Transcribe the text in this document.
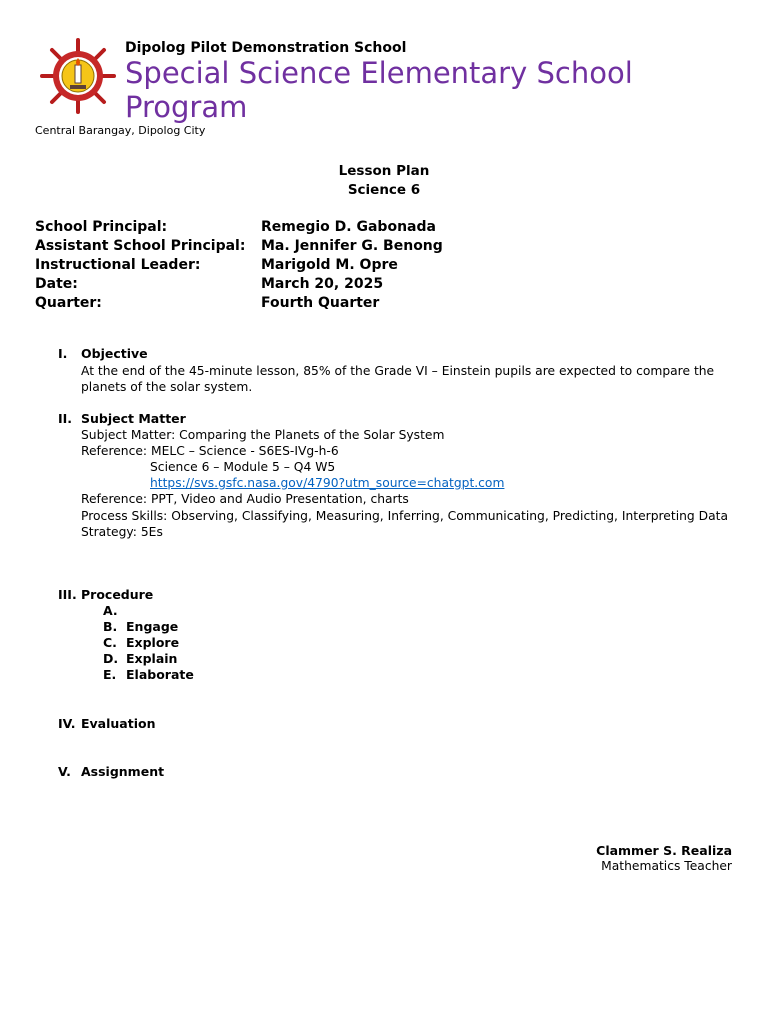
Dipolog Pilot Demonstration School
Special Science Elementary School Program
Central Barangay, Dipolog City
Lesson Plan
Science 6
School Principal:	Remegio D. Gabonada
Assistant School Principal:	Ma. Jennifer G. Benong
Instructional Leader:	Marigold M. Opre
Date:	March 20, 2025
Quarter:	Fourth Quarter
I. Objective
At the end of the 45-minute lesson, 85% of the Grade VI – Einstein pupils are expected to compare the
planets of the solar system.
II. Subject Matter
Subject Matter: Comparing the Planets of the Solar System
Reference: MELC – Science - S6ES-IVg-h-6
Science 6 – Module 5 – Q4 W5
https://svs.gsfc.nasa.gov/4790?utm_source=chatgpt.com
Reference: PPT, Video and Audio Presentation, charts
Process Skills: Observing, Classifying, Measuring, Inferring, Communicating, Predicting, Interpreting Data
Strategy: 5Es
III. Procedure
A.
B. Engage
C. Explore
D. Explain
E. Elaborate
IV. Evaluation
V. Assignment
Clammer S. Realiza
Mathematics Teacher
